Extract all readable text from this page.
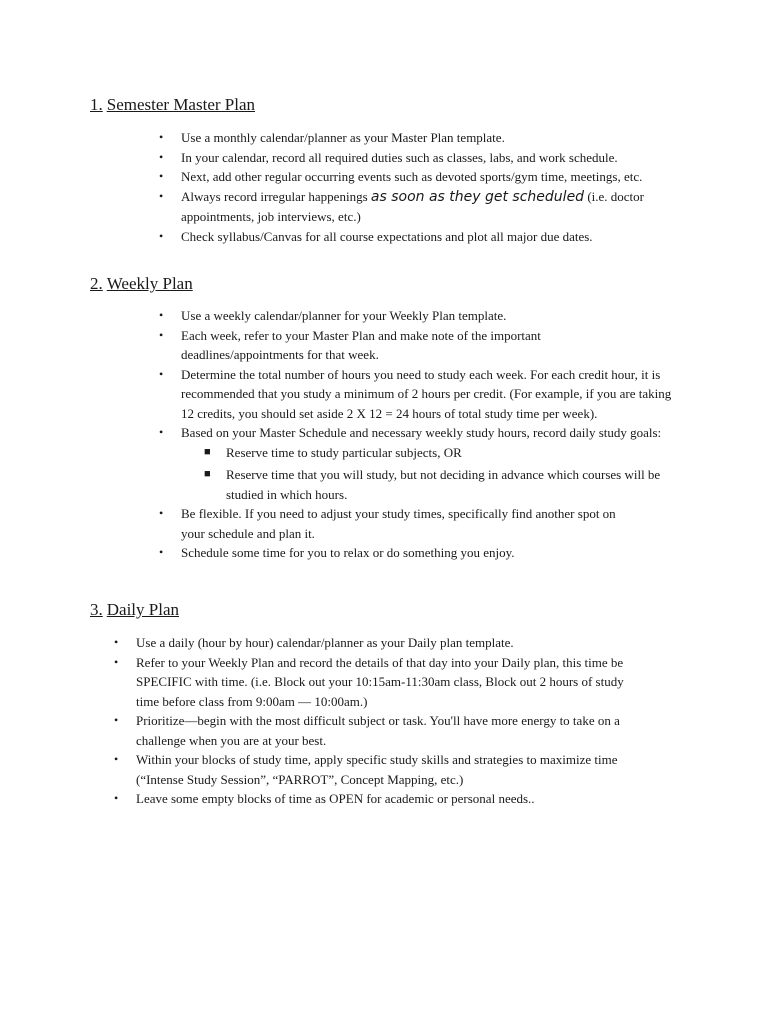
1. Semester Master Plan
• Use a monthly calendar/planner as your Master Plan template.
• In your calendar, record all required duties such as classes, labs, and work schedule.
• Next, add other regular occurring events such as devoted sports/gym time, meetings, etc.
• Always record irregular happenings as soon as they get scheduled (i.e. doctor appointments, job interviews, etc.)
• Check syllabus/Canvas for all course expectations and plot all major due dates.
2. Weekly Plan
• Use a weekly calendar/planner for your Weekly Plan template.
• Each week, refer to your Master Plan and make note of the important deadlines/appointments for that week.
• Determine the total number of hours you need to study each week. For each credit hour, it is recommended that you study a minimum of 2 hours per credit. (For example, if you are taking 12 credits, you should set aside 2 X 12 = 24 hours of total study time per week).
• Based on your Master Schedule and necessary weekly study hours, record daily study goals:
■ Reserve time to study particular subjects, OR
■ Reserve time that you will study, but not deciding in advance which courses will be studied in which hours.
• Be flexible. If you need to adjust your study times, specifically find another spot on your schedule and plan it.
• Schedule some time for you to relax or do something you enjoy.
3. Daily Plan
• Use a daily (hour by hour) calendar/planner as your Daily plan template.
• Refer to your Weekly Plan and record the details of that day into your Daily plan, this time be SPECIFIC with time. (i.e. Block out your 10:15am-11:30am class, Block out 2 hours of study time before class from 9:00am — 10:00am.)
• Prioritize—begin with the most difficult subject or task. You'll have more energy to take on a challenge when you are at your best.
• Within your blocks of study time, apply specific study skills and strategies to maximize time (“Intense Study Session”, “PARROT”, Concept Mapping, etc.)
• Leave some empty blocks of time as OPEN for academic or personal needs..
